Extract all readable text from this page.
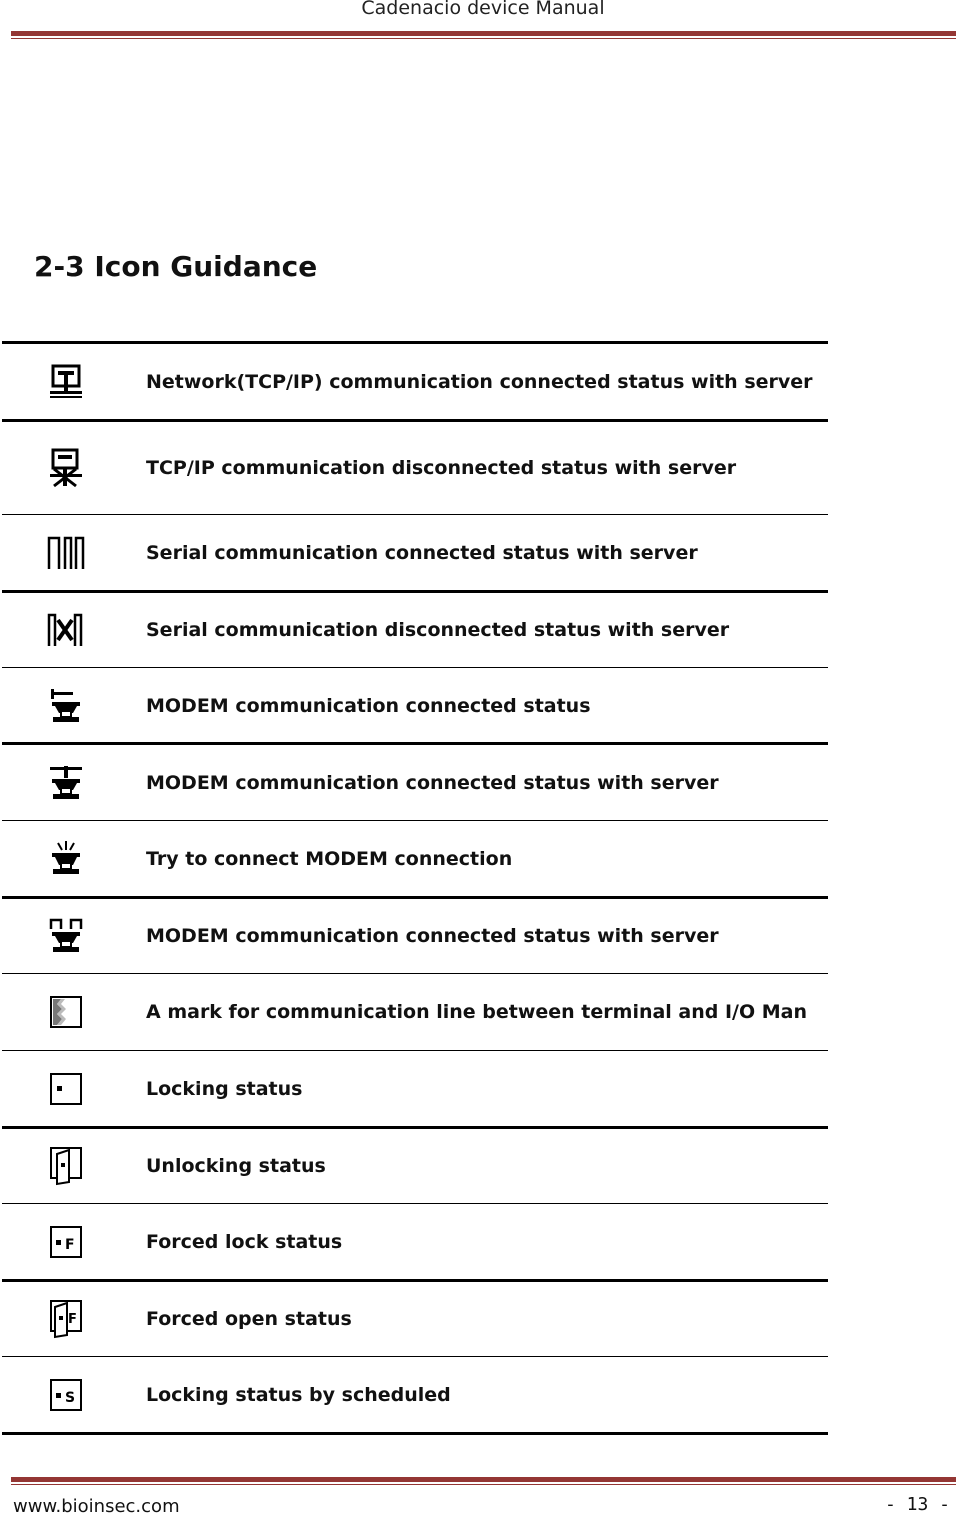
Cadenacio device Manual
2-3 Icon Guidance
Network(TCP/IP) communication connected status with server
TCP/IP communication disconnected status with server
Serial communication connected status with server
Serial communication disconnected status with server
MODEM communication connected status
MODEM communication connected status with server
Try to connect MODEM connection
MODEM communication connected status with server
A mark for communication line between terminal and I/O Man
Locking status
Unlocking status
F	Forced lock status
F	Forced open status
S	Locking status by scheduled
www.bioinsec.com	- 13 -
